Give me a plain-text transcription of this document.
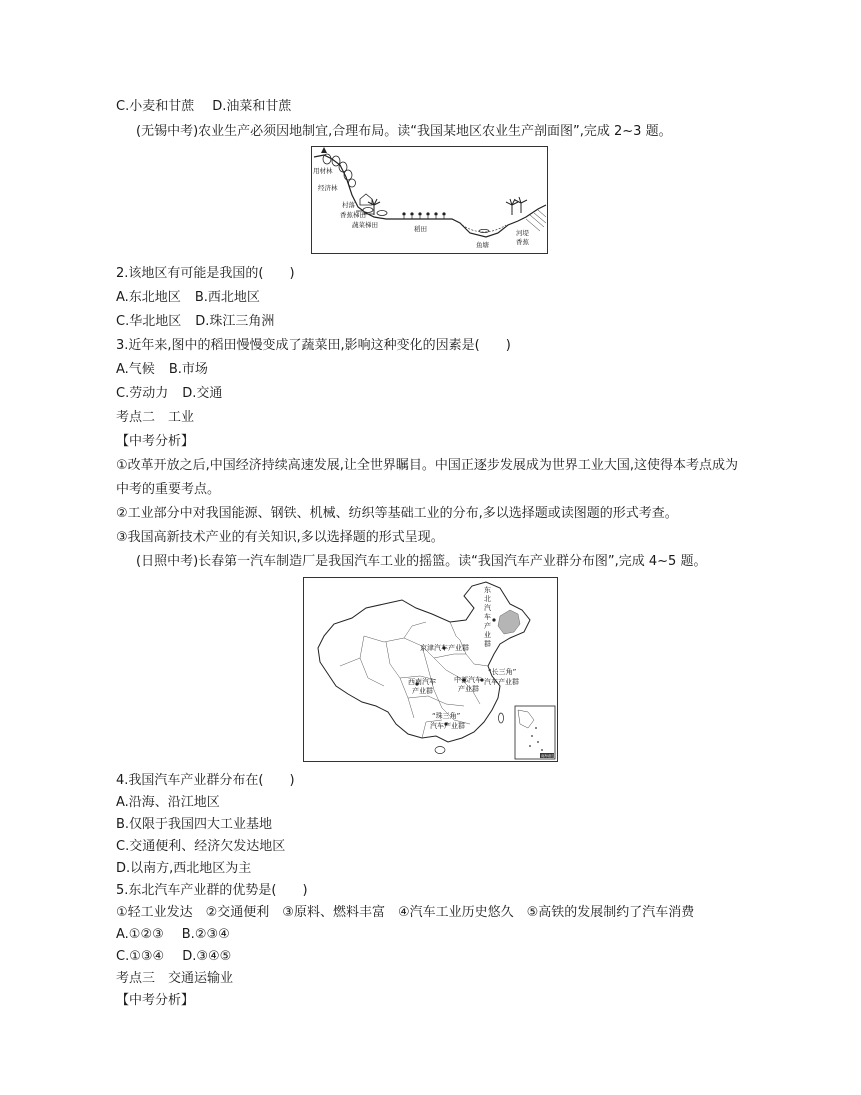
C.小麦和甘蔗 D.油菜和甘蔗
(无锡中考)农业生产必须因地制宜,合理布局。读“我国某地区农业生产剖面图”,完成 2~3 题。
用材林
经济林
村落
香蕉梯田
蔬菜梯田	稻田
鱼塘
河堤
香蕉
2.该地区有可能是我国的(　　)
A.东北地区 B.西北地区
C.华北地区 D.珠江三角洲
3.近年来,图中的稻田慢慢变成了蔬菜田,影响这种变化的因素是(　　)
A.气候 B.市场
C.劳动力 D.交通
考点二　工业
【中考分析】
①改革开放之后,中国经济持续高速发展,让全世界瞩目。中国正逐步发展成为世界工业大国,这使得本考点成为
中考的重要考点。
②工业部分中对我国能源、钢铁、机械、纺织等基础工业的分布,多以选择题或读图题的形式考查。
③我国高新技术产业的有关知识,多以选择题的形式呈现。
(日照中考)长春第一汽车制造厂是我国汽车工业的摇篮。读“我国汽车产业群分布图”,完成 4~5 题。
南海诸岛
东
北
汽
车
产
业
群
京津汽车产业群
中部汽车
产业群
西南汽车
产业群
“长三角”
汽车产业群
“珠三角”
汽车产业群
4.我国汽车产业群分布在(　　)
A.沿海、沿江地区
B.仅限于我国四大工业基地
C.交通便利、经济欠发达地区
D.以南方,西北地区为主
5.东北汽车产业群的优势是(　　)
①轻工业发达　②交通便利　③原料、燃料丰富　④汽车工业历史悠久　⑤高铁的发展制约了汽车消费
A.①②③ B.②③④
C.①③④ D.③④⑤
考点三　交通运输业
【中考分析】
